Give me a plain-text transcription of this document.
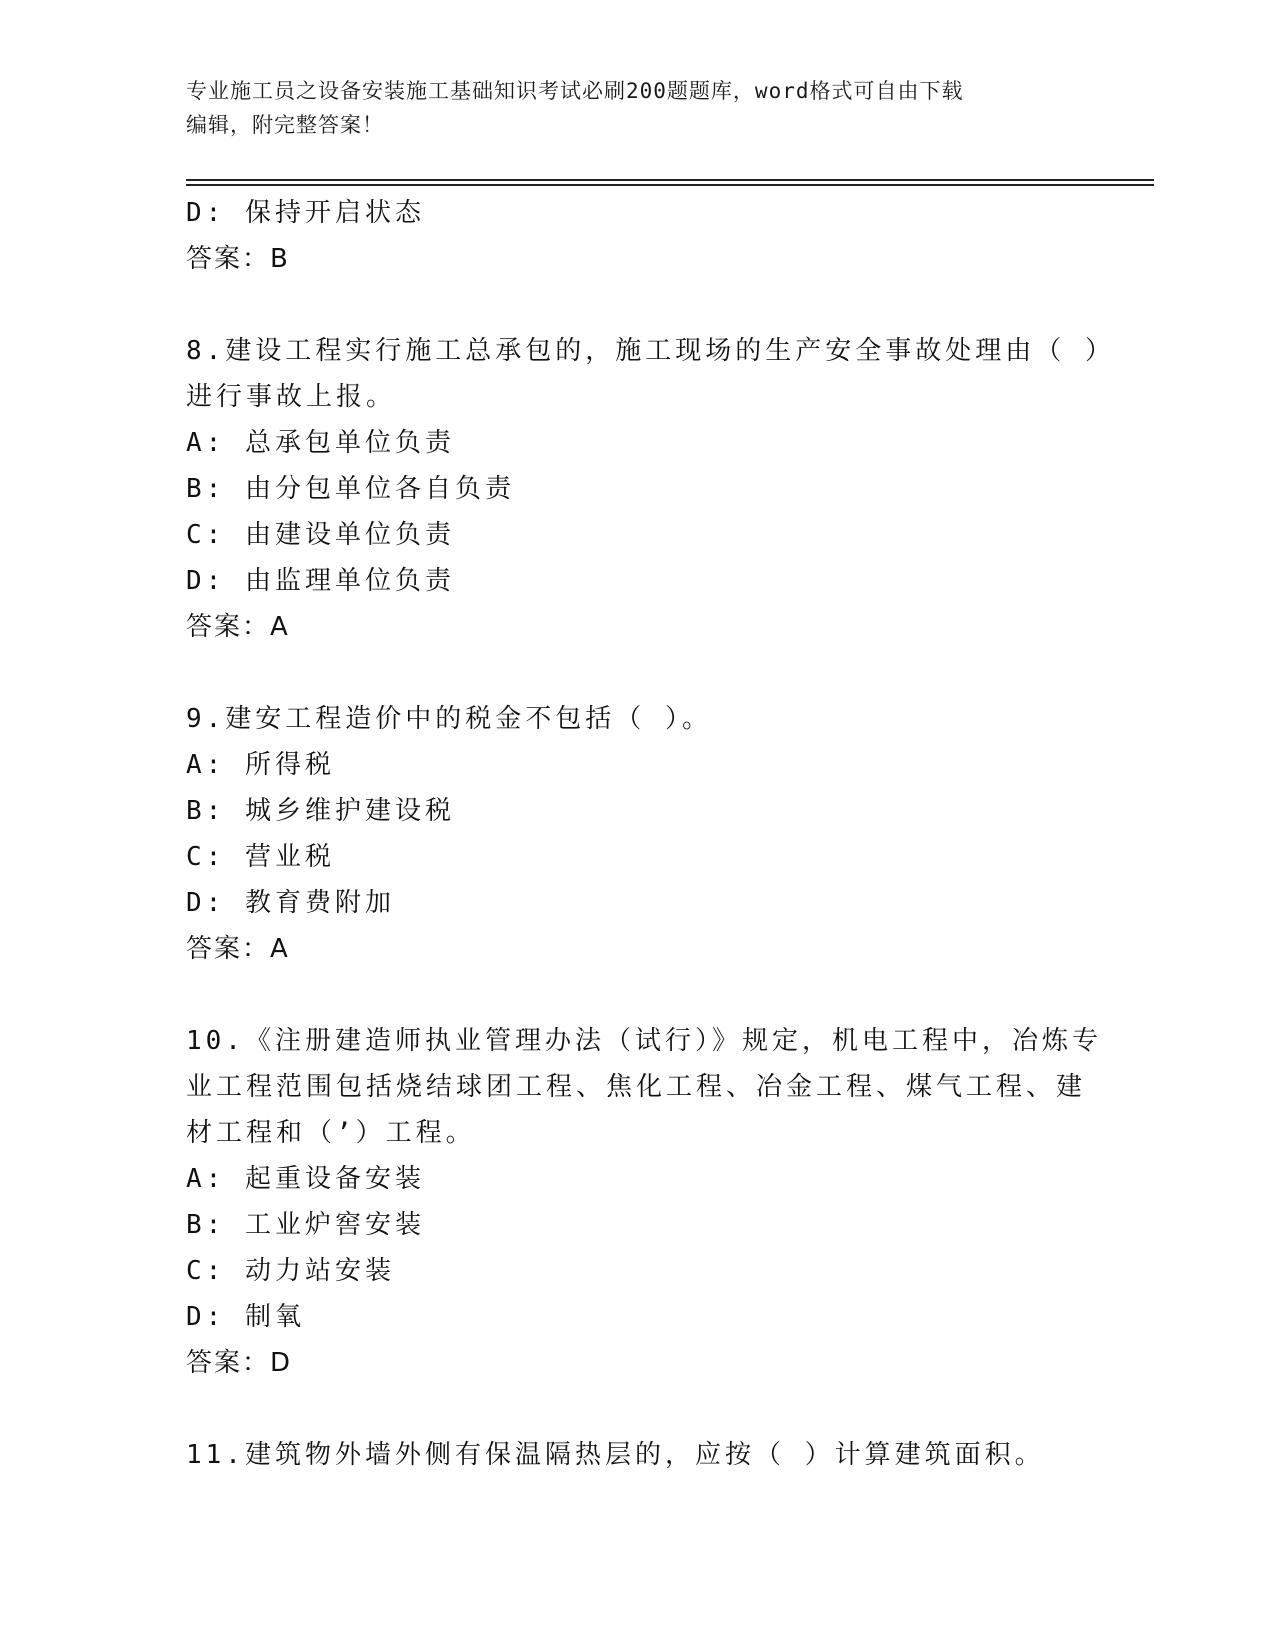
专业施工员之设备安装施工基础知识考试必刷200题题库，word格式可自由下载
编辑，附完整答案！
D: 保持开启状态
答案：B
8.建设工程实行施工总承包的，施工现场的生产安全事故处理由（ ）
进行事故上报。
A: 总承包单位负责
B: 由分包单位各自负责
C: 由建设单位负责
D: 由监理单位负责
答案：A
9.建安工程造价中的税金不包括（ ）。
A: 所得税
B: 城乡维护建设税
C: 营业税
D: 教育费附加
答案：A
10.《注册建造师执业管理办法（试行）》规定，机电工程中，冶炼专
业工程范围包括烧结球团工程、焦化工程、冶金工程、煤气工程、建
材工程和（’）工程。
A: 起重设备安装
B: 工业炉窖安装
C: 动力站安装
D: 制氧
答案：D
11.建筑物外墙外侧有保温隔热层的，应按（ ）计算建筑面积。
